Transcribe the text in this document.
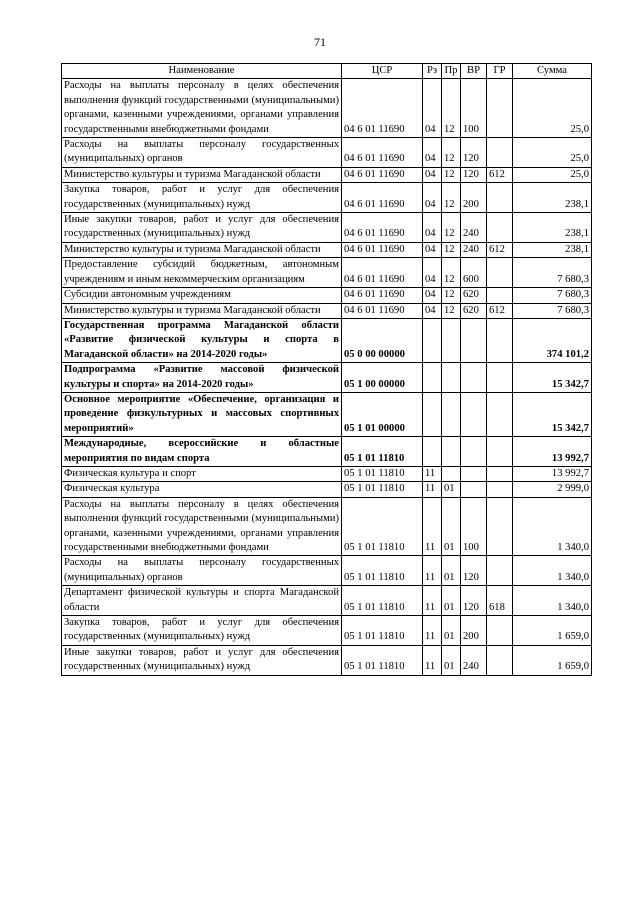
71
Наименование	ЦСР	Рз	Пр	ВР	ГР	Сумма
Расходы на выплаты персоналу в целях обеспечения выполнения функций государственными (муниципальными) органами, казенными учреждениями, органами управления государственными внебюджетными фондами	04 6 01 11690	04	12	100		25,0
Расходы на выплаты персоналу государственных (муниципальных) органов	04 6 01 11690	04	12	120		25,0
Министерство культуры и туризма Магаданской области	04 6 01 11690	04	12	120	612	25,0
Закупка товаров, работ и услуг для обеспечения государственных (муниципальных) нужд	04 6 01 11690	04	12	200		238,1
Иные закупки товаров, работ и услуг для обеспечения государственных (муниципальных) нужд	04 6 01 11690	04	12	240		238,1
Министерство культуры и туризма Магаданской области	04 6 01 11690	04	12	240	612	238,1
Предоставление субсидий бюджетным, автономным учреждениям и иным некоммерческим организациям	04 6 01 11690	04	12	600		7 680,3
Субсидии автономным учреждениям	04 6 01 11690	04	12	620		7 680,3
Министерство культуры и туризма Магаданской области	04 6 01 11690	04	12	620	612	7 680,3
Государственная программа Магаданской области «Развитие физической культуры и спорта в Магаданской области» на 2014-2020 годы»	05 0 00 00000					374 101,2
Подпрограмма «Развитие массовой физической культуры и спорта» на 2014-2020 годы»	05 1 00 00000					15 342,7
Основное мероприятие «Обеспечение, организация и проведение физкультурных и массовых спортивных мероприятий»	05 1 01 00000					15 342,7
Международные, всероссийские и областные мероприятия по видам спорта	05 1 01 11810					13 992,7
Физическая культура и спорт	05 1 01 11810	11				13 992,7
Физическая культура	05 1 01 11810	11	01			2 999,0
Расходы на выплаты персоналу в целях обеспечения выполнения функций государственными (муниципальными) органами, казенными учреждениями, органами управления государственными внебюджетными фондами	05 1 01 11810	11	01	100		1 340,0
Расходы на выплаты персоналу государственных (муниципальных) органов	05 1 01 11810	11	01	120		1 340,0
Департамент физической культуры и спорта Магаданской области	05 1 01 11810	11	01	120	618	1 340,0
Закупка товаров, работ и услуг для обеспечения государственных (муниципальных) нужд	05 1 01 11810	11	01	200		1 659,0
Иные закупки товаров, работ и услуг для обеспечения государственных (муниципальных) нужд	05 1 01 11810	11	01	240		1 659,0
